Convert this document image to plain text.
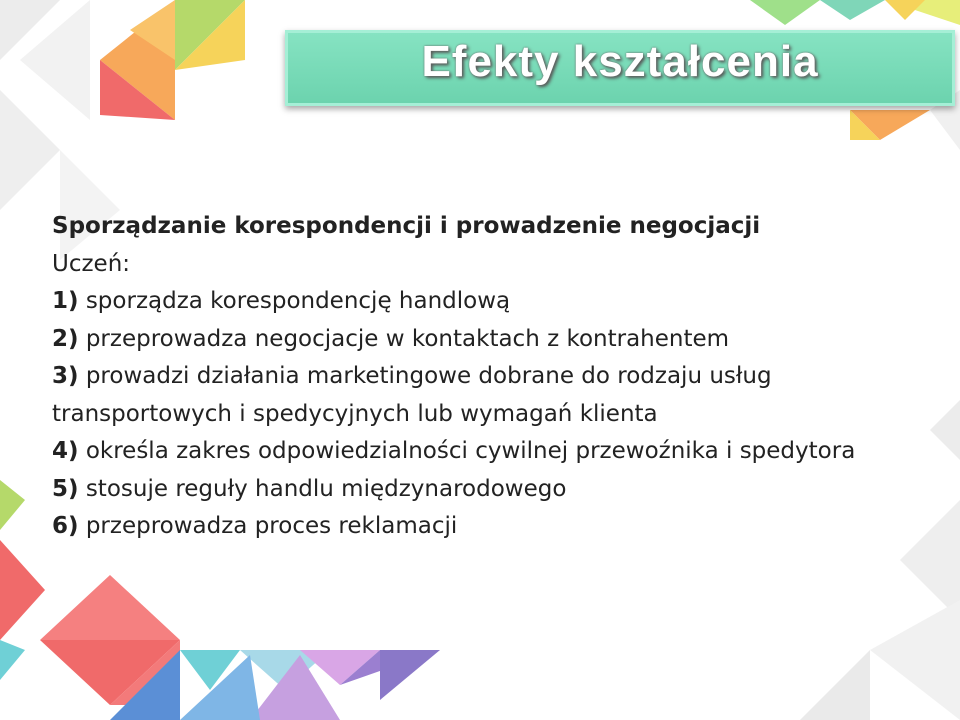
Efekty kształcenia

Sporządzanie korespondencji i prowadzenie negocjacji

Uczeń:

1) sporządza korespondencję handlową

2) przeprowadza negocjacje w kontaktach z kontrahentem

3) prowadzi działania marketingowe dobrane do rodzaju usług transportowych i spedycyjnych lub wymagań klienta

4) określa zakres odpowiedzialności cywilnej przewoźnika i spedytora

5) stosuje reguły handlu międzynarodowego

6) przeprowadza proces reklamacji
